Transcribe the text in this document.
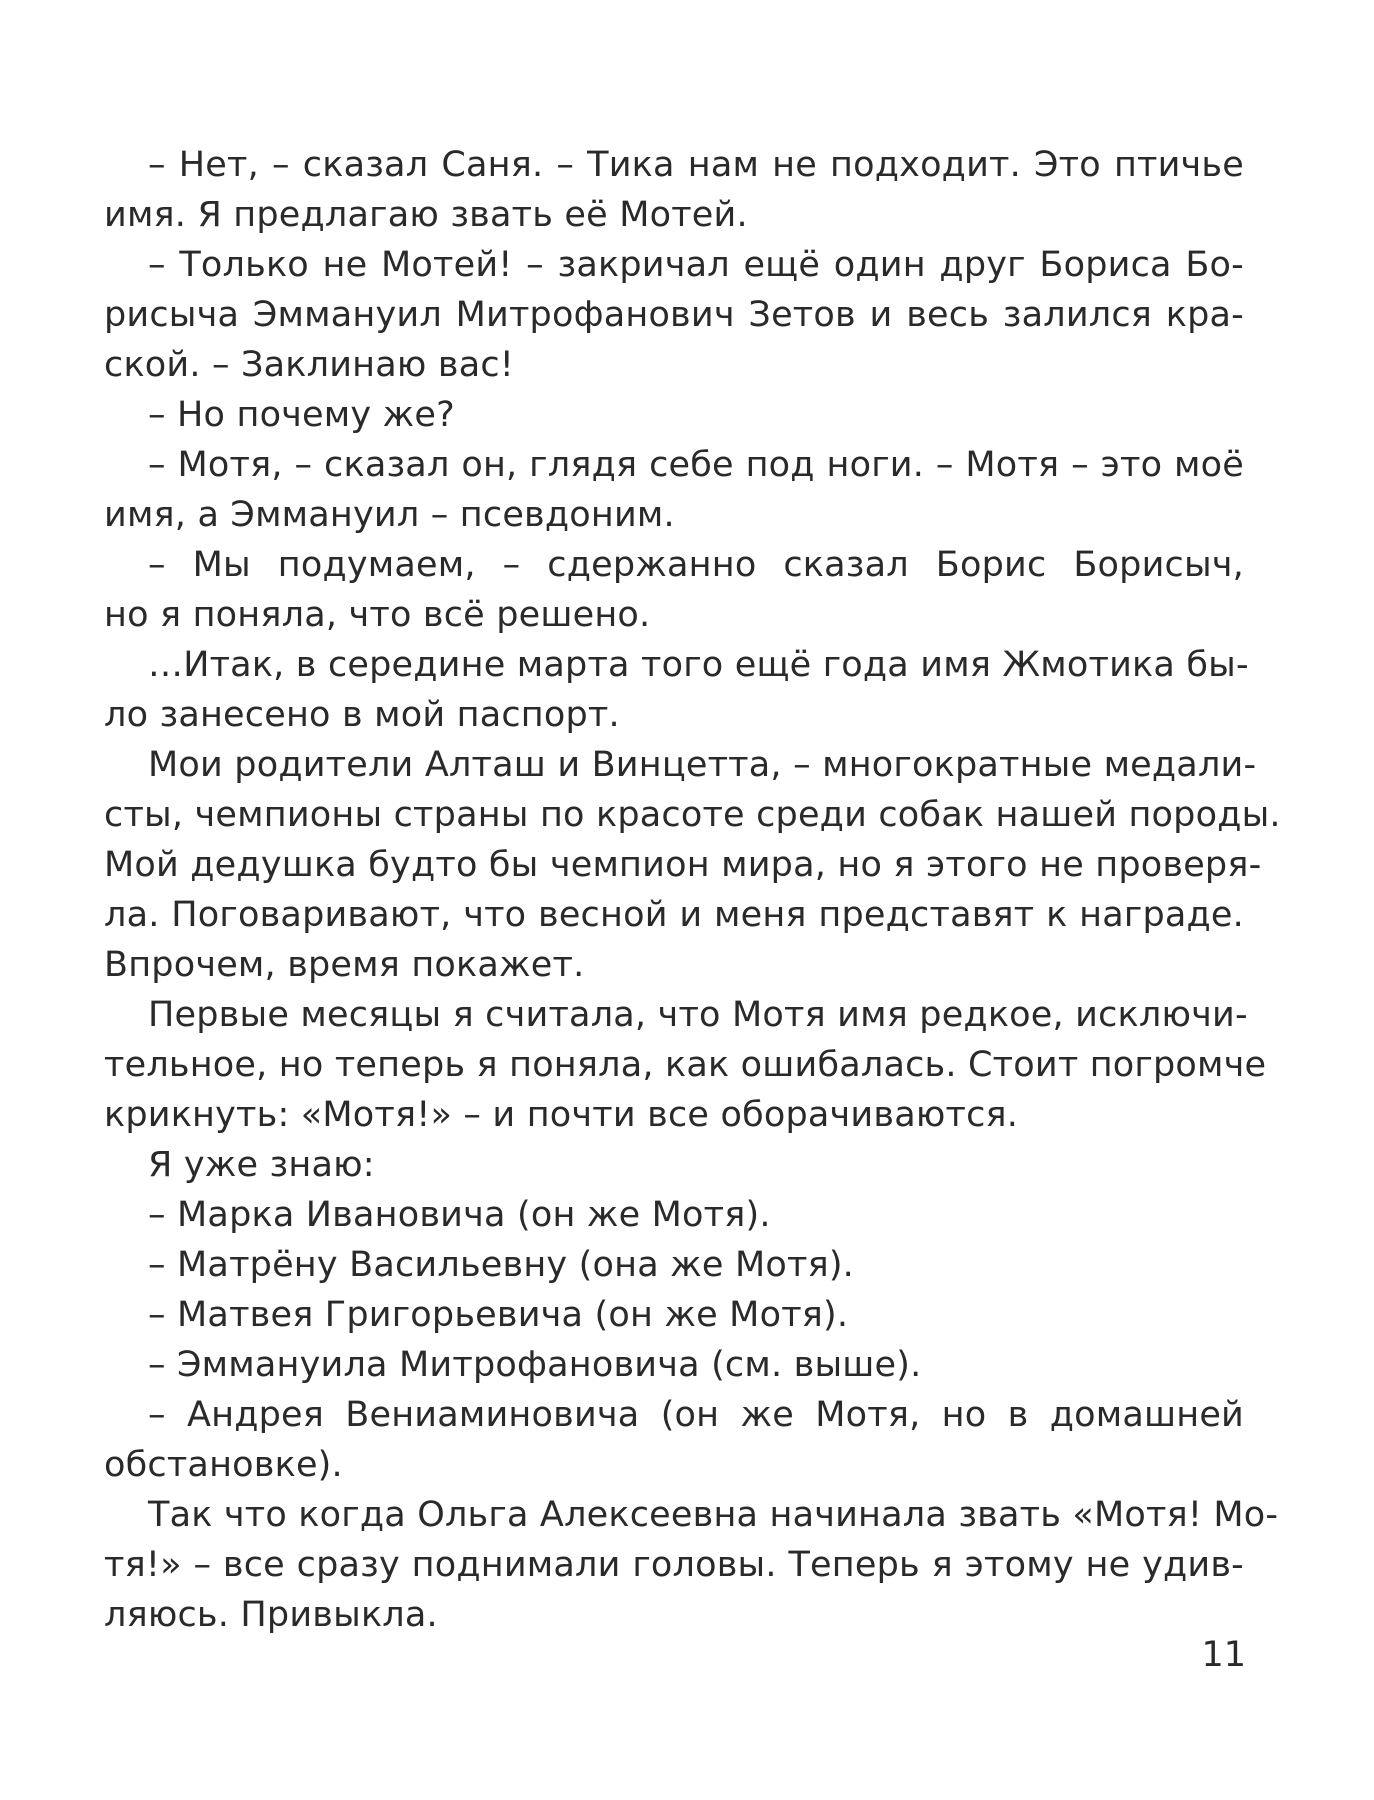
– Нет, – сказал Саня. – Тика нам не подходит. Это птичье
имя. Я предлагаю звать её Мотей.
– Только не Мотей! – закричал ещё один друг Бориса Бо-
рисыча Эммануил Митрофанович Зетов и весь залился кра-
ской. – Заклинаю вас!
– Но почему же?
– Мотя, – сказал он, глядя себе под ноги. – Мотя – это моё
имя, а Эммануил – псевдоним.
– Мы подумаем, – сдержанно сказал Борис Борисыч,
но я поняла, что всё решено.
…Итак, в середине марта того ещё года имя Жмотика бы-
ло занесено в мой паспорт.
Мои родители Алташ и Винцетта, – многократные медали-
сты, чемпионы страны по красоте среди собак нашей породы.
Мой дедушка будто бы чемпион мира, но я этого не проверя-
ла. Поговаривают, что весной и меня представят к награде.
Впрочем, время покажет.
Первые месяцы я считала, что Мотя имя редкое, исключи-
тельное, но теперь я поняла, как ошибалась. Стоит погромче
крикнуть: «Мотя!» – и почти все оборачиваются.
Я уже знаю:
– Марка Ивановича (он же Мотя).
– Матрёну Васильевну (она же Мотя).
– Матвея Григорьевича (он же Мотя).
– Эммануила Митрофановича (см. выше).
– Андрея Вениаминовича (он же Мотя, но в домашней
обстановке).
Так что когда Ольга Алексеевна начинала звать «Мотя! Мо-
тя!» – все сразу поднимали головы. Теперь я этому не удив-
ляюсь. Привыкла.
11
